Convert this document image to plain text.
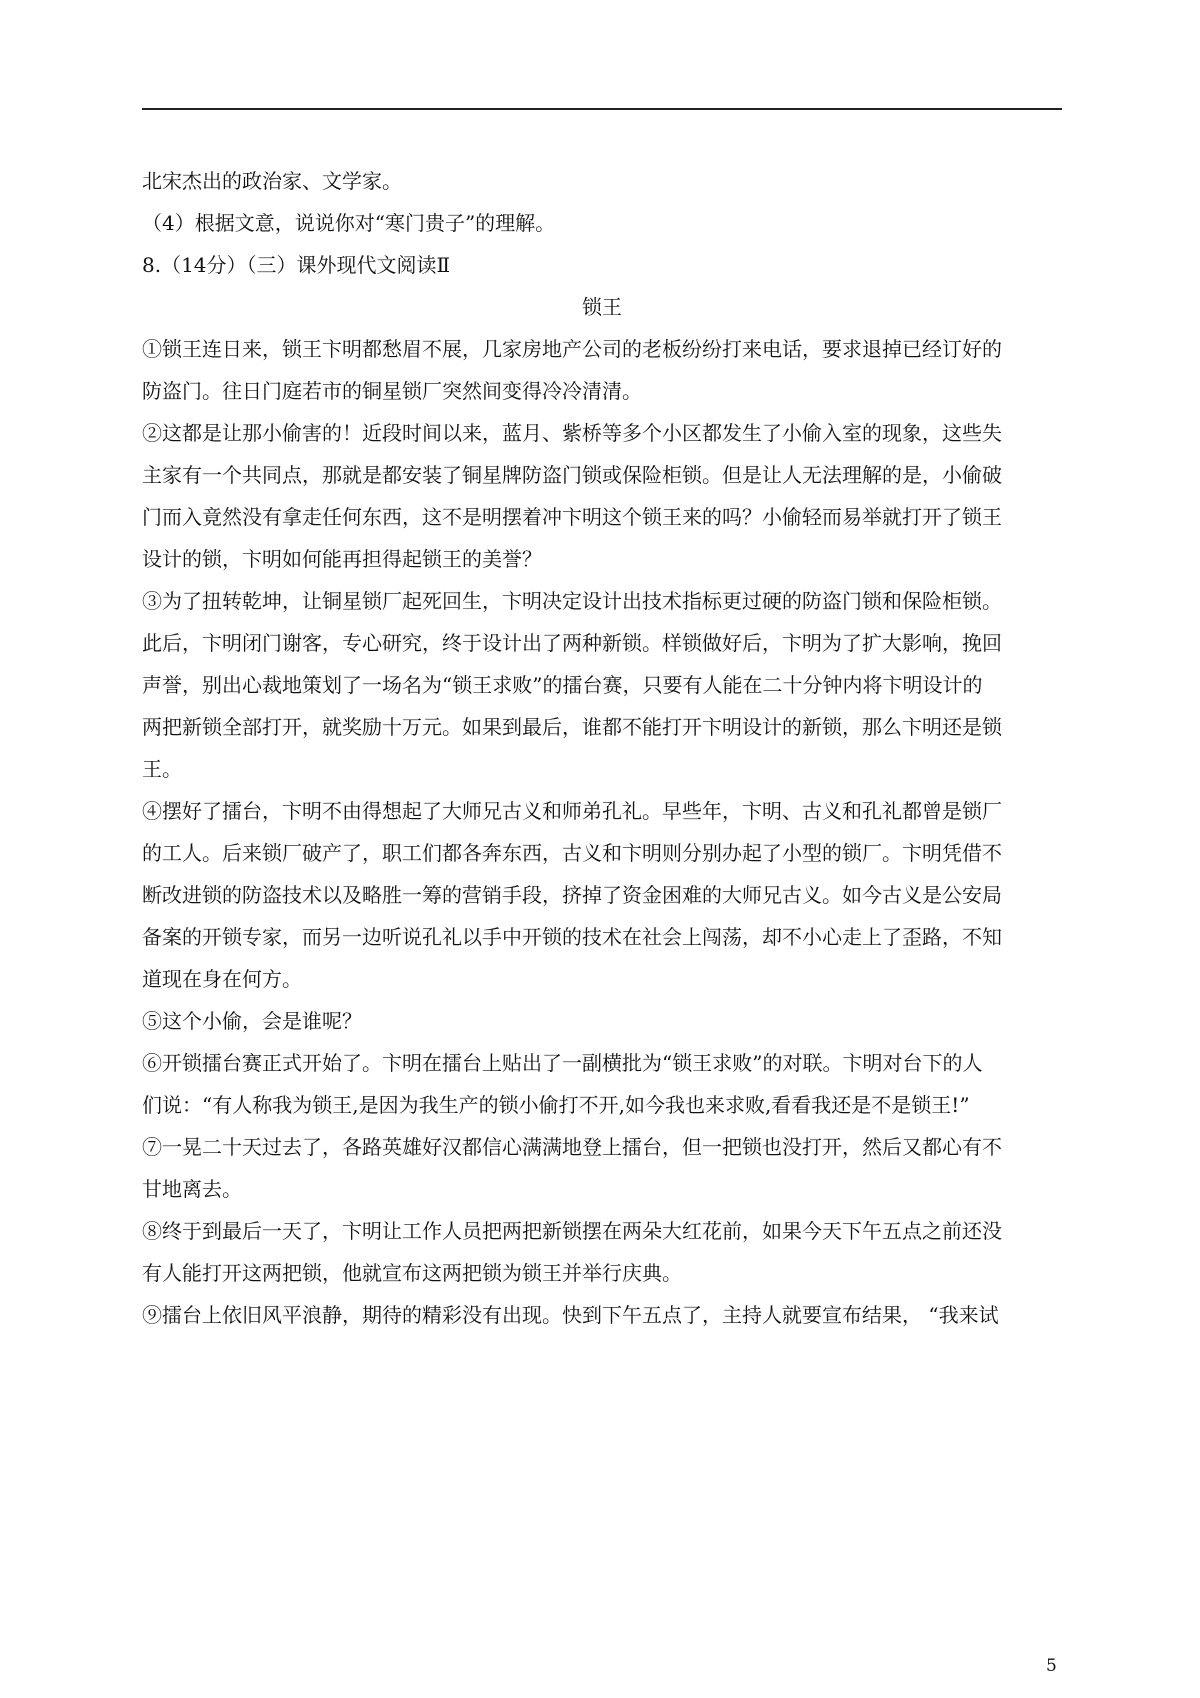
北宋杰出的政治家、文学家。
（4）根据文意，说说你对“寒门贵子”的理解。
8.（14分）（三）课外现代文阅读Ⅱ
锁王
①锁王连日来，锁王卞明都愁眉不展，几家房地产公司的老板纷纷打来电话，要求退掉已经订好的
防盗门。往日门庭若市的铜星锁厂突然间变得冷冷清清。
②这都是让那小偷害的！近段时间以来，蓝月、紫桥等多个小区都发生了小偷入室的现象，这些失
主家有一个共同点，那就是都安装了铜星牌防盗门锁或保险柜锁。但是让人无法理解的是，小偷破
门而入竟然没有拿走任何东西，这不是明摆着冲卞明这个锁王来的吗？小偷轻而易举就打开了锁王
设计的锁，卞明如何能再担得起锁王的美誉？
③为了扭转乾坤，让铜星锁厂起死回生，卞明决定设计出技术指标更过硬的防盗门锁和保险柜锁。
此后，卞明闭门谢客，专心研究，终于设计出了两种新锁。样锁做好后，卞明为了扩大影响，挽回
声誉，别出心裁地策划了一场名为“锁王求败”的擂台赛，只要有人能在二十分钟内将卞明设计的
两把新锁全部打开，就奖励十万元。如果到最后，谁都不能打开卞明设计的新锁，那么卞明还是锁
王。
④摆好了擂台，卞明不由得想起了大师兄古义和师弟孔礼。早些年，卞明、古义和孔礼都曾是锁厂
的工人。后来锁厂破产了，职工们都各奔东西，古义和卞明则分别办起了小型的锁厂。卞明凭借不
断改进锁的防盗技术以及略胜一筹的营销手段，挤掉了资金困难的大师兄古义。如今古义是公安局
备案的开锁专家，而另一边听说孔礼以手中开锁的技术在社会上闯荡，却不小心走上了歪路，不知
道现在身在何方。
⑤这个小偷，会是谁呢？
⑥开锁擂台赛正式开始了。卞明在擂台上贴出了一副横批为“锁王求败”的对联。卞明对台下的人
们说：“有人称我为锁王,是因为我生产的锁小偷打不开,如今我也来求败,看看我还是不是锁王!”
⑦一晃二十天过去了，各路英雄好汉都信心满满地登上擂台，但一把锁也没打开，然后又都心有不
甘地离去。
⑧终于到最后一天了，卞明让工作人员把两把新锁摆在两朵大红花前，如果今天下午五点之前还没
有人能打开这两把锁，他就宣布这两把锁为锁王并举行庆典。
⑨擂台上依旧风平浪静，期待的精彩没有出现。快到下午五点了，主持人就要宣布结果， “我来试
5
